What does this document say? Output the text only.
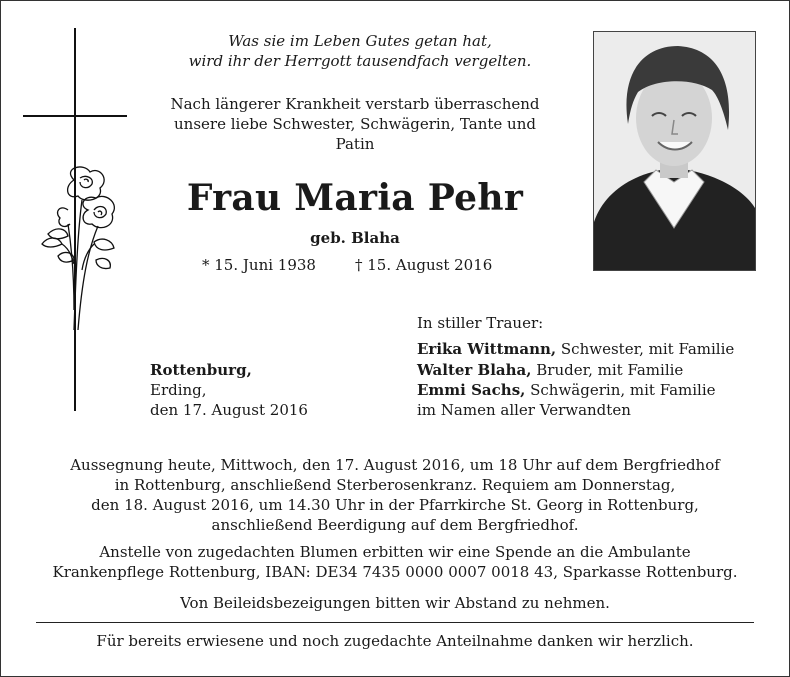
Was sie im Leben Gutes getan hat,
wird ihr der Herrgott tausendfach vergelten.
Nach längerer Krankheit verstarb überraschend
unsere liebe Schwester, Schwägerin, Tante und
Patin
Frau Maria Pehr
geb. Blaha
* 15. Juni 1938	† 15. August 2016
Rottenburg,
Erding,
den 17. August 2016
In stiller Trauer:
Erika Wittmann, Schwester, mit Familie
Walter Blaha, Bruder, mit Familie
Emmi Sachs, Schwägerin, mit Familie
im Namen aller Verwandten
Aussegnung heute, Mittwoch, den 17. August 2016, um 18 Uhr auf dem Bergfriedhof
in Rottenburg, anschließend Sterberosenkranz. Requiem am Donnerstag,
den 18. August 2016, um 14.30 Uhr in der Pfarrkirche St. Georg in Rottenburg,
anschließend Beerdigung auf dem Bergfriedhof.
Anstelle von zugedachten Blumen erbitten wir eine Spende an die Ambulante
Krankenpflege Rottenburg, IBAN: DE34 7435 0000 0007 0018 43, Sparkasse Rottenburg.
Von Beileidsbezeigungen bitten wir Abstand zu nehmen.
Für bereits erwiesene und noch zugedachte Anteilnahme danken wir herzlich.
